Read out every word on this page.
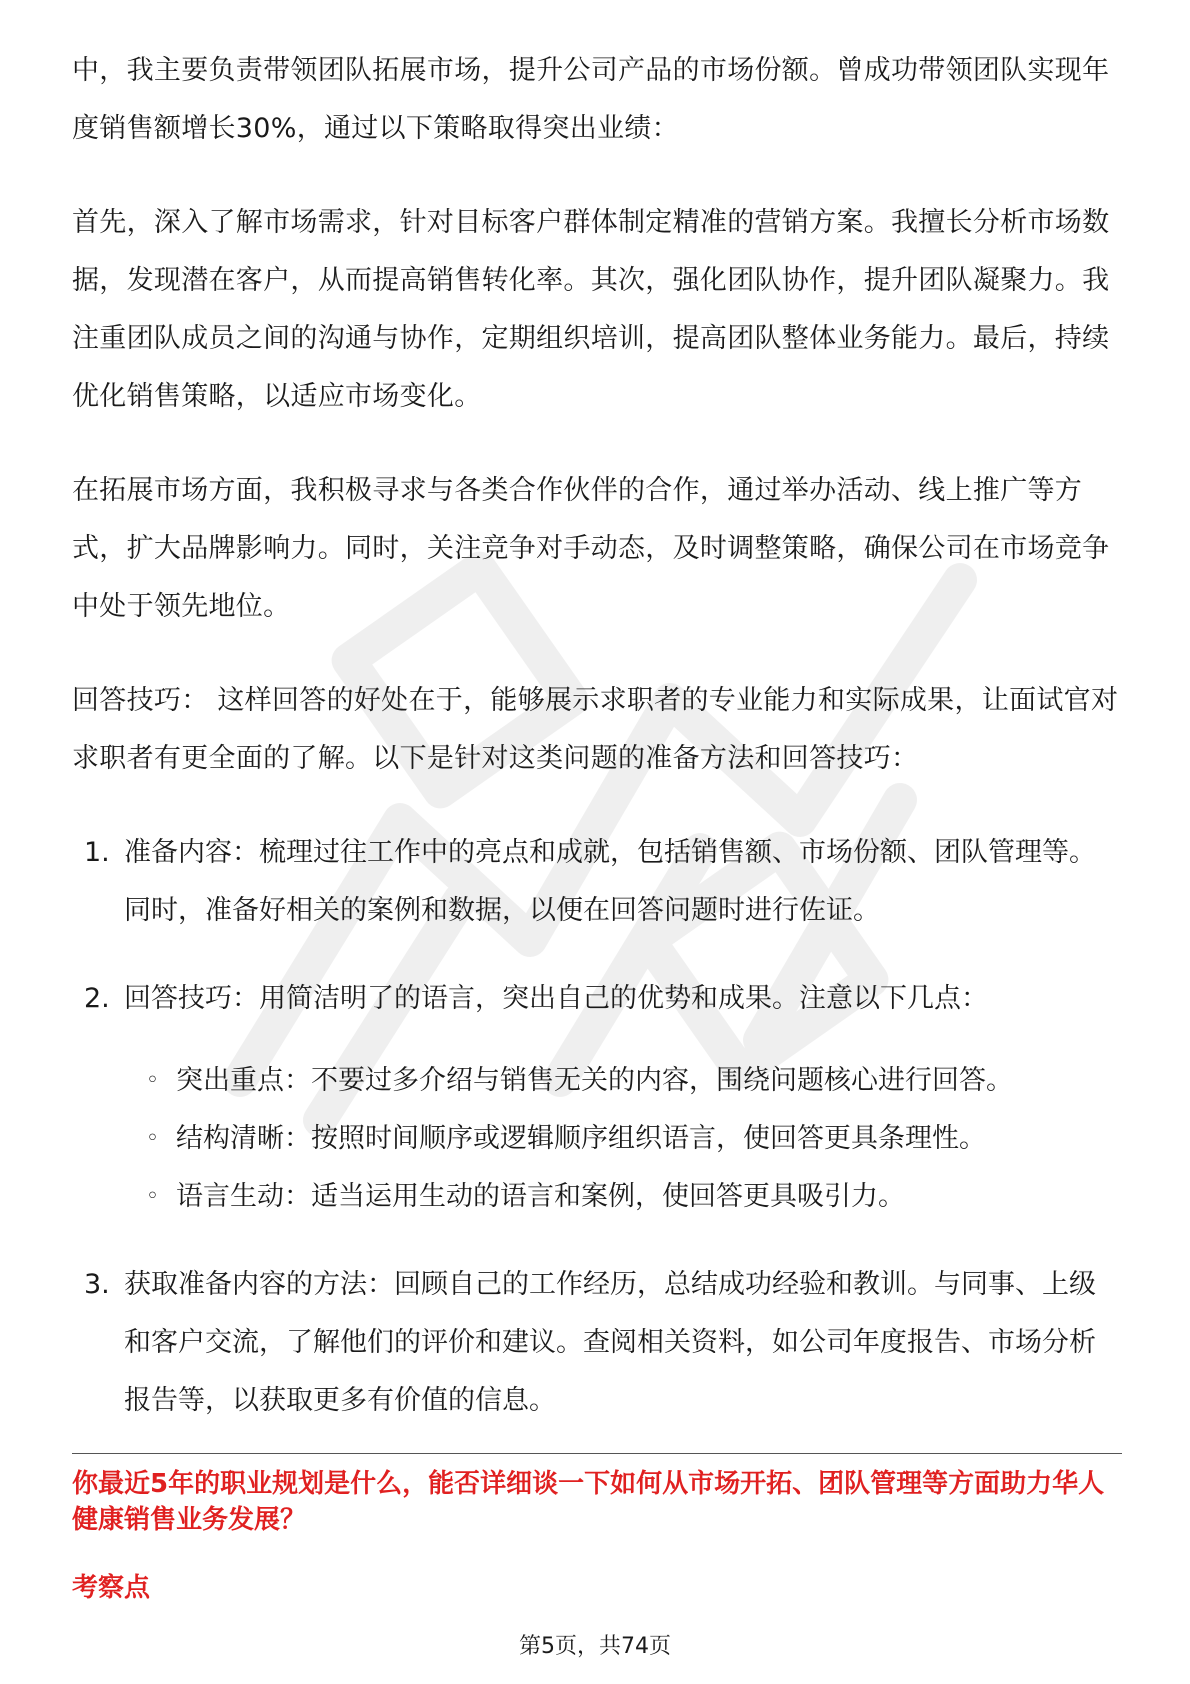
中，我主要负责带领团队拓展市场，提升公司产品的市场份额。曾成功带领团队实现年度销售额增长30%，通过以下策略取得突出业绩：

首先，深入了解市场需求，针对目标客户群体制定精准的营销方案。我擅长分析市场数据，发现潜在客户，从而提高销售转化率。其次，强化团队协作，提升团队凝聚力。我注重团队成员之间的沟通与协作，定期组织培训，提高团队整体业务能力。最后，持续优化销售策略，以适应市场变化。

在拓展市场方面，我积极寻求与各类合作伙伴的合作，通过举办活动、线上推广等方式，扩大品牌影响力。同时，关注竞争对手动态，及时调整策略，确保公司在市场竞争中处于领先地位。

回答技巧： 这样回答的好处在于，能够展示求职者的专业能力和实际成果，让面试官对求职者有更全面的了解。以下是针对这类问题的准备方法和回答技巧：

1. 准备内容：梳理过往工作中的亮点和成就，包括销售额、市场份额、团队管理等。同时，准备好相关的案例和数据，以便在回答问题时进行佐证。
2. 回答技巧：用简洁明了的语言，突出自己的优势和成果。注意以下几点：
◦ 突出重点：不要过多介绍与销售无关的内容，围绕问题核心进行回答。
◦ 结构清晰：按照时间顺序或逻辑顺序组织语言，使回答更具条理性。
◦ 语言生动：适当运用生动的语言和案例，使回答更具吸引力。
3. 获取准备内容的方法：回顾自己的工作经历，总结成功经验和教训。与同事、上级和客户交流，了解他们的评价和建议。查阅相关资料，如公司年度报告、市场分析报告等，以获取更多有价值的信息。
你最近5年的职业规划是什么，能否详细谈一下如何从市场开拓、团队管理等方面助力华人健康销售业务发展？
考察点
第5页，共74页
